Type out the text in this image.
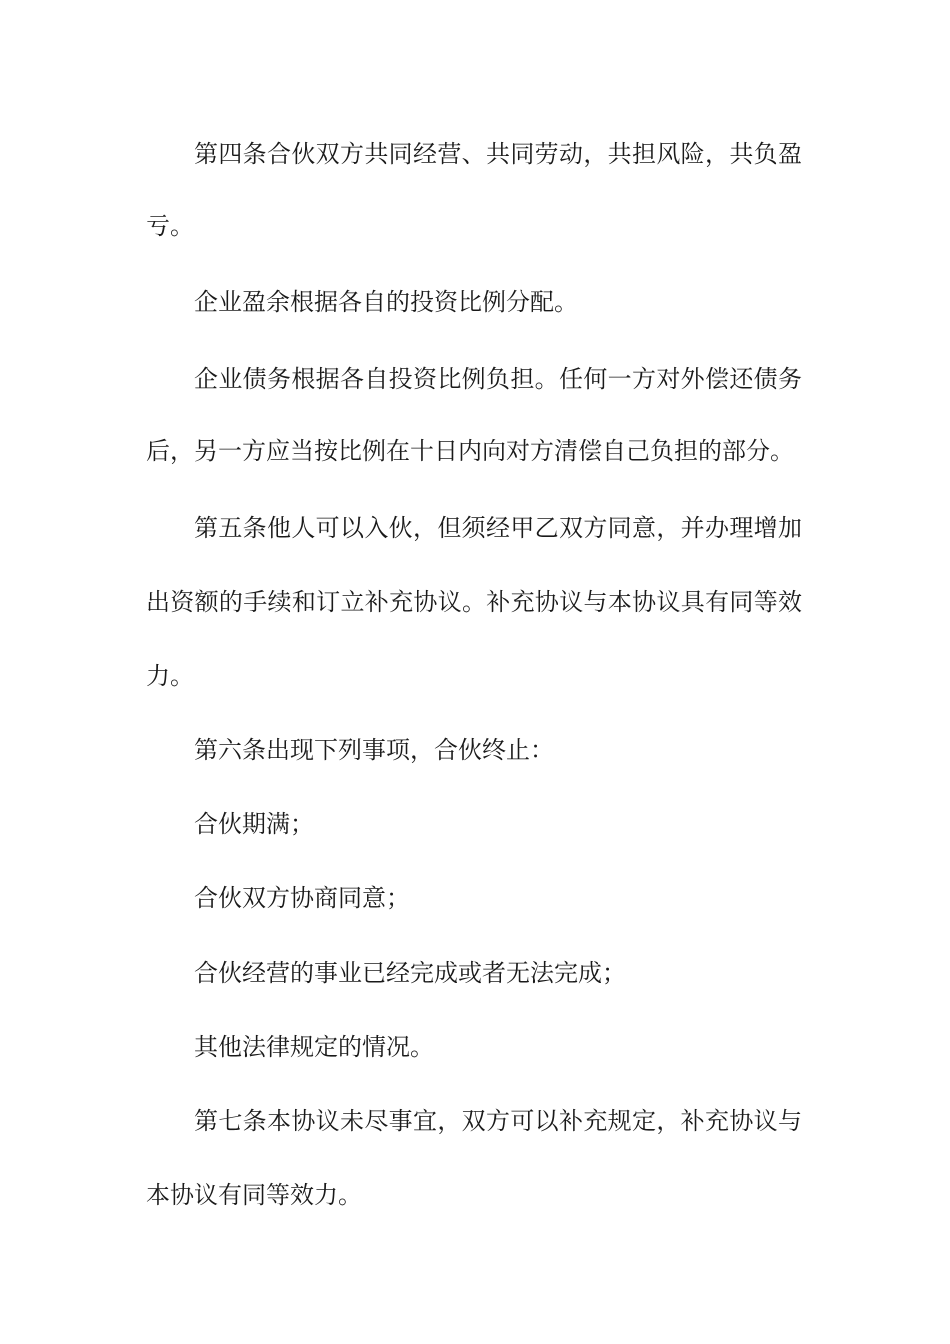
第四条合伙双方共同经营、共同劳动，共担风险，共负盈

亏。

企业盈余根据各自的投资比例分配。

企业债务根据各自投资比例负担。任何一方对外偿还债务

后，另一方应当按比例在十日内向对方清偿自己负担的部分。

第五条他人可以入伙，但须经甲乙双方同意，并办理增加

出资额的手续和订立补充协议。补充协议与本协议具有同等效

力。

第六条出现下列事项，合伙终止：

合伙期满；

合伙双方协商同意；

合伙经营的事业已经完成或者无法完成；

其他法律规定的情况。

第七条本协议未尽事宜，双方可以补充规定，补充协议与

本协议有同等效力。
